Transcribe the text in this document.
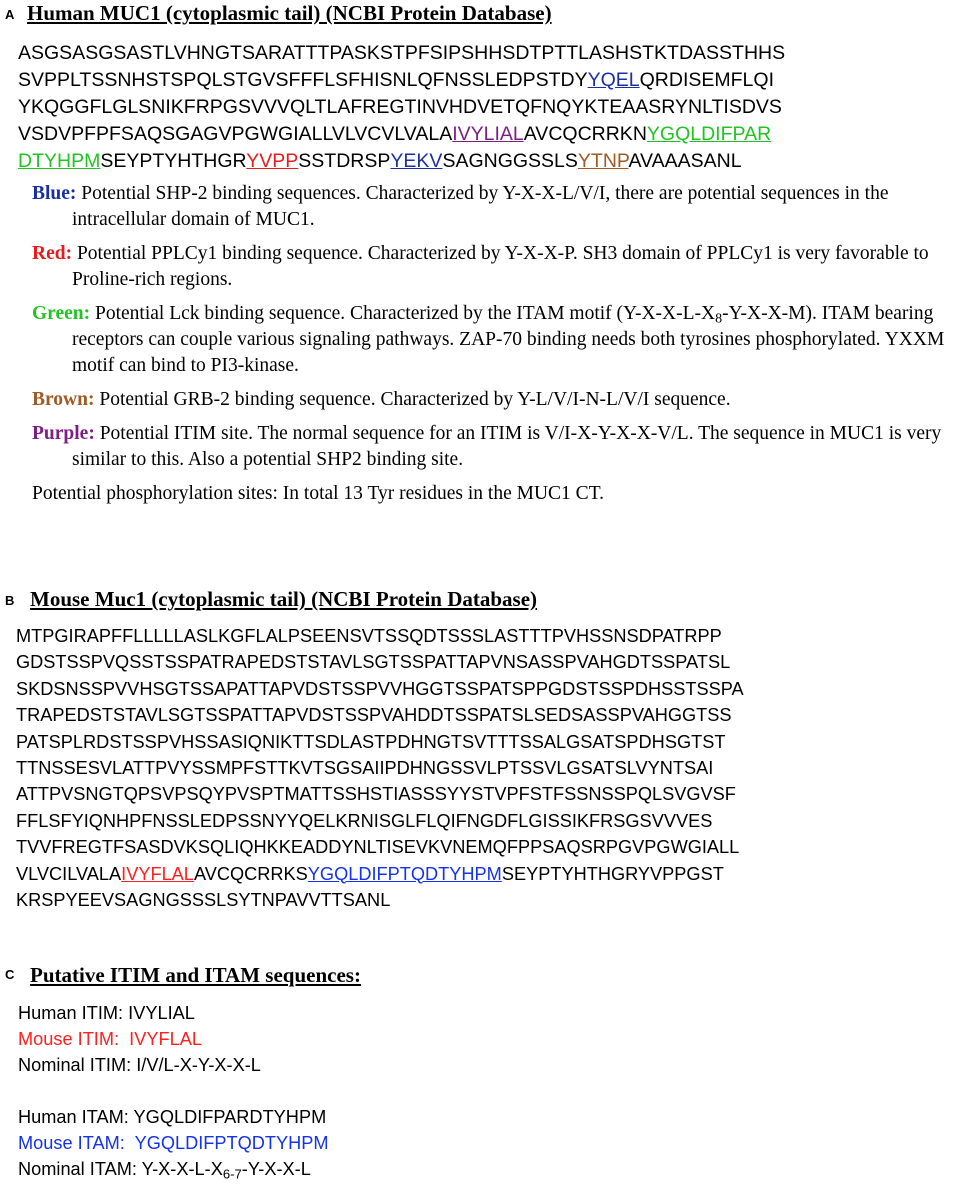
A Human MUC1 (cytoplasmic tail) (NCBI Protein Database)
ASGSASGSASTLVHNGTSARATTTPASKSTPFSIPSHHSDTPTTLASHSTKTDASSTHHS
SVPPLTSSNHSTSPQLSTGVSFFFLSFHISNLQFNSSLEDPSTDYYQELQRDISEMFLQI
YKQGGFLGLSNIKFRPGSVVVQLTLAFREGTINVHDVETQFNQYKTEAASRYNLTISDVS
VSDVPFPFSAQSGAGVPGWGIALLVLVCVLVALAIVYLIALAVCQCRRKNYGQLDIFPAR
DTYHPMSEYPTYHTHGRYVPPSSTDRSPYEKVSAGNGGSSLSYTNPAVAAASANL

Blue: Potential SHP-2 binding sequences. Characterized by Y-X-X-L/V/I, there are potential sequences in the intracellular domain of MUC1.

Red: Potential PPLCy1 binding sequence. Characterized by Y-X-X-P. SH3 domain of PPLCy1 is very favorable to Proline-rich regions.

Green: Potential Lck binding sequence. Characterized by the ITAM motif $(Y-X-X-L-X_8-Y-X-X-M)$. ITAM bearing receptors can couple various signaling pathways. ZAP-70 binding needs both tyrosines phosphorylated. YXXM motif can bind to PI3-kinase.

Brown: Potential GRB-2 binding sequence. Characterized by Y-L/V/I-N-L/V/I sequence.

Purple: Potential ITIM site. The normal sequence for an ITIM is V/I-X-Y-X-X-V/L. The sequence in MUC1 is very similar to this. Also a potential SHP2 binding site.

Potential phosphorylation sites: In total 13 Tyr residues in the MUC1 CT.

B Mouse Muc1 (cytoplasmic tail) (NCBI Protein Database)
MTPGIRAPFFLLLLLASLKGFLALPSEENSVTSSQDTSSSLASTTTPVHSSNSDPATRPP
GDSTSSPVQSSTSSPATRAPEDSTSTAVLSGTSSPATTAPVNSASSPVAHGDTSSPATSL
SKDSNSSPVVHSGTSSAPATTAPVDSTSSPVVHGGTSSPATSPPGDSTSSPDHSSTSSPA
TRAPEDSTSTAVLSGTSSPATTAPVDSTSSPVAHDDTSSPATSLSEDSASSPVAHGGTSS
PATSPLRDSTSSPVHSSASIQNIKTTSDLASTPDHNGTSVTTTSSALGSATSPDHSGTST
TTNSSESVLATTPVYSSMPFSTTKVTSGSAIIPDHNGSSVLPTSSVLGSATSLVYNTSAI
ATTPVSNGTQPSVPSQYPVSPTMATTSSHSTIASSSYYSTVPFSTFSSNSSPQLSVGVSF
FFLSFYIQNHPFNSSLEDPSSNYYQELKRNISGLFLQIFNGDFLGISSIKFRSGSVVVES
TVVFREGTFSASDVKSQLIQHKKEADDYNLTISEVKVNEMQFPPSAQSRPGVPGWGIALL
VLVCILVALAIVYFLALAVCQCRRKSYGQLDIFPTQDTYHPMSEYPTYHTHGRYVPPGST
KRSPYEEVSAGNGSSSLSYTNPAVVTTSANL
C Putative ITIM and ITAM sequences:
Human ITIM: IVYLIAL
Mouse ITIM:  IVYFLAL
Nominal ITIM: I/V/L-X-Y-X-X-L
Human ITAM: YGQLDIFPARDTYHPM
Mouse ITAM:  YGQLDIFPTQDTYHPM
Nominal ITAM: $Y-X-X-L-X_{6-7}-Y-X-X-L$
